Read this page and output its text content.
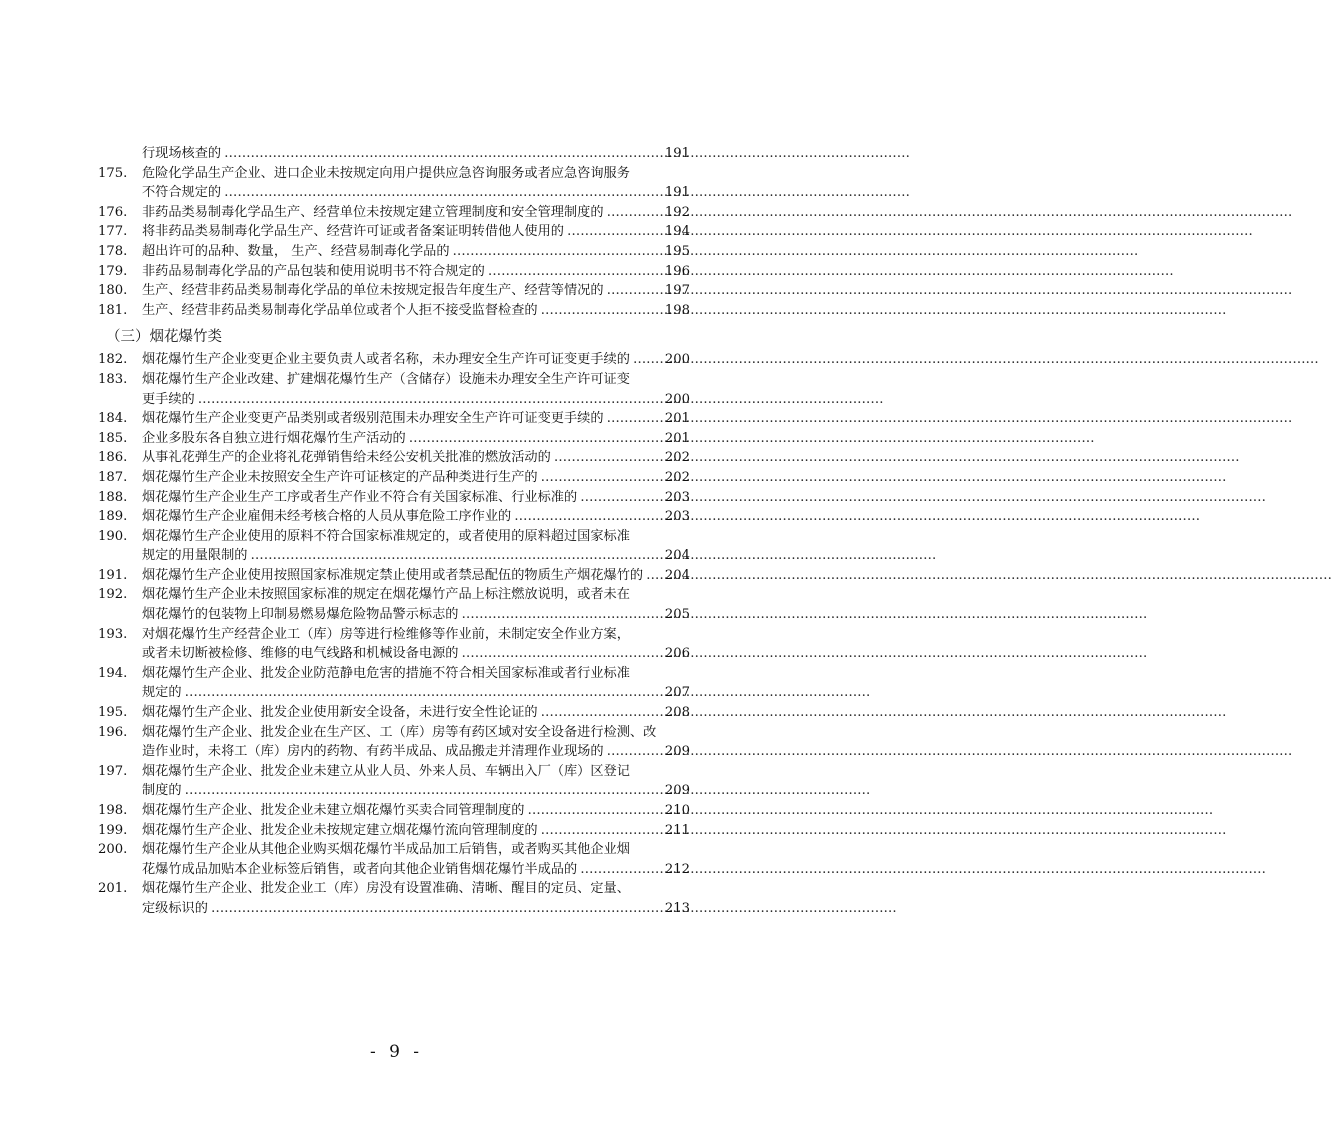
行现场核查的 …………………………………………………………………………………………………………………………………………	191
175.	危险化学品生产企业、进口企业未按规定向用户提供应急咨询服务或者应急咨询服务
不符合规定的 …………………………………………………………………………………………………………………………………………	191
176.	非药品类易制毒化学品生产、经营单位未按规定建立管理制度和安全管理制度的 …………………………………………………………………………………………………………………………………………	192
177.	将非药品类易制毒化学品生产、经营许可证或者备案证明转借他人使用的 …………………………………………………………………………………………………………………………………………	194
178.	超出许可的品种、数量， 生产、经营易制毒化学品的 …………………………………………………………………………………………………………………………………………	195
179.	非药品易制毒化学品的产品包装和使用说明书不符合规定的 …………………………………………………………………………………………………………………………………………	196
180.	生产、经营非药品类易制毒化学品的单位未按规定报告年度生产、经营等情况的 …………………………………………………………………………………………………………………………………………	197
181.	生产、经营非药品类易制毒化学品单位或者个人拒不接受监督检查的 …………………………………………………………………………………………………………………………………………	198
（三）烟花爆竹类
182.	烟花爆竹生产企业变更企业主要负责人或者名称，未办理安全生产许可证变更手续的 …………………………………………………………………………………………………………………………………………	200
183.	烟花爆竹生产企业改建、扩建烟花爆竹生产（含储存）设施未办理安全生产许可证变
更手续的 …………………………………………………………………………………………………………………………………………	200
184.	烟花爆竹生产企业变更产品类别或者级别范围未办理安全生产许可证变更手续的 …………………………………………………………………………………………………………………………………………	201
185.	企业多股东各自独立进行烟花爆竹生产活动的 …………………………………………………………………………………………………………………………………………	201
186.	从事礼花弹生产的企业将礼花弹销售给未经公安机关批准的燃放活动的 …………………………………………………………………………………………………………………………………………	202
187.	烟花爆竹生产企业未按照安全生产许可证核定的产品种类进行生产的 …………………………………………………………………………………………………………………………………………	202
188.	烟花爆竹生产企业生产工序或者生产作业不符合有关国家标准、行业标准的 …………………………………………………………………………………………………………………………………………	203
189.	烟花爆竹生产企业雇佣未经考核合格的人员从事危险工序作业的 …………………………………………………………………………………………………………………………………………	203
190.	烟花爆竹生产企业使用的原料不符合国家标准规定的，或者使用的原料超过国家标准
规定的用量限制的 …………………………………………………………………………………………………………………………………………	204
191.	烟花爆竹生产企业使用按照国家标准规定禁止使用或者禁忌配伍的物质生产烟花爆竹的 ………………………………………………………………………………………………………………………………………… 204
192.	烟花爆竹生产企业未按照国家标准的规定在烟花爆竹产品上标注燃放说明，或者未在
烟花爆竹的包装物上印制易燃易爆危险物品警示标志的 …………………………………………………………………………………………………………………………………………	205
193.	对烟花爆竹生产经营企业工（库）房等进行检维修等作业前，未制定安全作业方案，
或者未切断被检修、维修的电气线路和机械设备电源的 …………………………………………………………………………………………………………………………………………	206
194.	烟花爆竹生产企业、批发企业防范静电危害的措施不符合相关国家标准或者行业标准
规定的 …………………………………………………………………………………………………………………………………………	207
195.	烟花爆竹生产企业、批发企业使用新安全设备，未进行安全性论证的 …………………………………………………………………………………………………………………………………………	208
196.	烟花爆竹生产企业、批发企业在生产区、工（库）房等有药区域对安全设备进行检测、改
造作业时，未将工（库）房内的药物、有药半成品、成品搬走并清理作业现场的 …………………………………………………………………………………………………………………………………………	209
197.	烟花爆竹生产企业、批发企业未建立从业人员、外来人员、车辆出入厂（库）区登记
制度的 …………………………………………………………………………………………………………………………………………	209
198.	烟花爆竹生产企业、批发企业未建立烟花爆竹买卖合同管理制度的 …………………………………………………………………………………………………………………………………………	210
199.	烟花爆竹生产企业、批发企业未按规定建立烟花爆竹流向管理制度的 …………………………………………………………………………………………………………………………………………	211
200.	烟花爆竹生产企业从其他企业购买烟花爆竹半成品加工后销售，或者购买其他企业烟
花爆竹成品加贴本企业标签后销售，或者向其他企业销售烟花爆竹半成品的 …………………………………………………………………………………………………………………………………………	212
201.	烟花爆竹生产企业、批发企业工（库）房没有设置准确、清晰、醒目的定员、定量、
定级标识的 …………………………………………………………………………………………………………………………………………	213
- 9 -
